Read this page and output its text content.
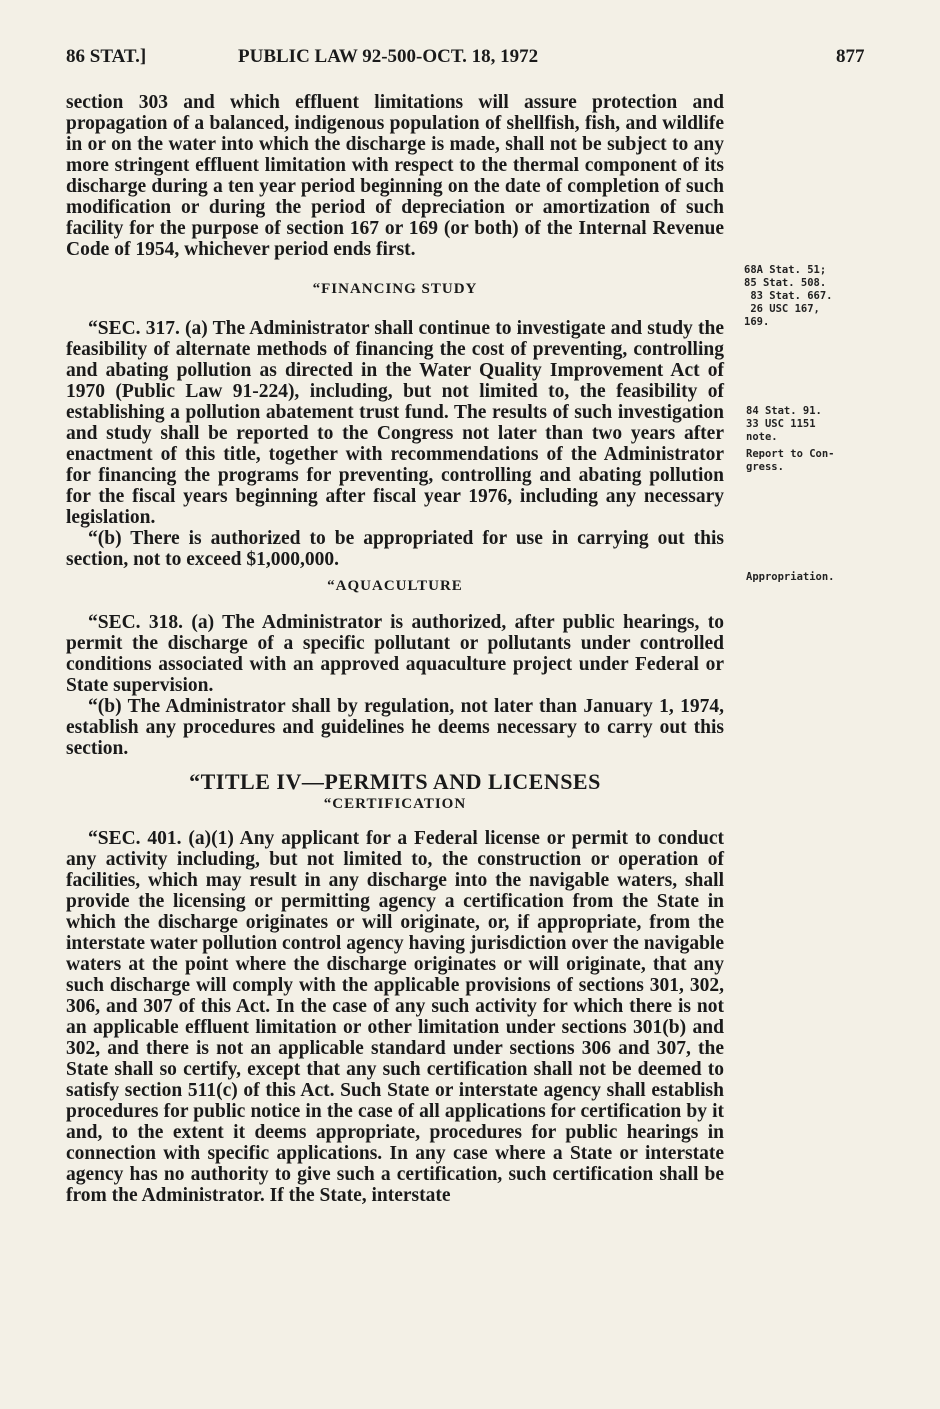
86 STAT.]	PUBLIC LAW 92-500-OCT. 18, 1972	877

section 303 and which effluent limitations will assure protection and propagation of a balanced, indigenous population of shellfish, fish, and wildlife in or on the water into which the discharge is made, shall not be subject to any more stringent effluent limitation with respect to the thermal component of its discharge during a ten year period beginning on the date of completion of such modification or during the period of depreciation or amortization of such facility for the purpose of section 167 or 169 (or both) of the Internal Revenue Code of 1954, whichever period ends first.

“FINANCING STUDY

“SEC. 317. (a) The Administrator shall continue to investigate and study the feasibility of alternate methods of financing the cost of preventing, controlling and abating pollution as directed in the Water Quality Improvement Act of 1970 (Public Law 91-224), including, but not limited to, the feasibility of establishing a pollution abatement trust fund. The results of such investigation and study shall be reported to the Congress not later than two years after enactment of this title, together with recommendations of the Administrator for financing the programs for preventing, controlling and abating pollution for the fiscal years beginning after fiscal year 1976, including any necessary legislation.

“(b) There is authorized to be appropriated for use in carrying out this section, not to exceed $1,000,000.

“AQUACULTURE

“SEC. 318. (a) The Administrator is authorized, after public hearings, to permit the discharge of a specific pollutant or pollutants under controlled conditions associated with an approved aquaculture project under Federal or State supervision.

“(b) The Administrator shall by regulation, not later than January 1, 1974, establish any procedures and guidelines he deems necessary to carry out this section.

“TITLE IV—PERMITS AND LICENSES

“CERTIFICATION

“SEC. 401. (a)(1) Any applicant for a Federal license or permit to conduct any activity including, but not limited to, the construction or operation of facilities, which may result in any discharge into the navigable waters, shall provide the licensing or permitting agency a certification from the State in which the discharge originates or will originate, or, if appropriate, from the interstate water pollution control agency having jurisdiction over the navigable waters at the point where the discharge originates or will originate, that any such discharge will comply with the applicable provisions of sections 301, 302, 306, and 307 of this Act. In the case of any such activity for which there is not an applicable effluent limitation or other limitation under sections 301(b) and 302, and there is not an applicable standard under sections 306 and 307, the State shall so certify, except that any such certification shall not be deemed to satisfy section 511(c) of this Act. Such State or interstate agency shall establish procedures for public notice in the case of all applications for certification by it and, to the extent it deems appropriate, procedures for public hearings in connection with specific applications. In any case where a State or interstate agency has no authority to give such a certification, such certification shall be from the Administrator. If the State, interstate

68A Stat. 51;
85 Stat. 508.
83 Stat. 667.
26 USC 167,
169.
84 Stat. 91.
33 USC 1151
note.
Report to Con-
gress.
Appropriation.
